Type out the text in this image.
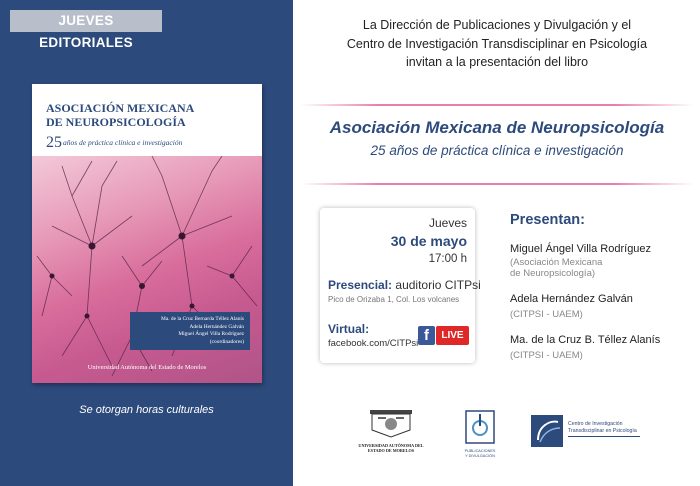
JUEVES EDITORIALES
ASOCIACIÓN MEXICANA
DE NEUROPSICOLOGÍA
25años de práctica clínica e investigación
Ma. de la Cruz Bernarda Téllez Alanís
Adela Hernández Galván
Miguel Ángel Villa Rodríguez
(coordinadores)
Universidad Autónoma del Estado de Morelos
Se otorgan horas culturales
La Dirección de Publicaciones y Divulgación y el
Centro de Investigación Transdisciplinar en Psicología
invitan a la presentación del libro
Asociación Mexicana de Neuropsicología
25 años de práctica clínica e investigación
Jueves
30 de mayo
17:00 h
Presencial: auditorio CITPsi
Pico de Orizaba 1, Col. Los volcanes
Virtual:
facebook.com/CITPsi f	LIVE
Presentan:
Miguel Ángel Villa Rodríguez
(Asociación Mexicana
de Neuropsicología)
Adela Hernández Galván
(CITPSI - UAEM)
Ma. de la Cruz B. Téllez Alanís
(CITPSI - UAEM)
UNIVERSIDAD AUTÓNOMA DEL
ESTADO DE MORELOS	PUBLICACIONES
Y DIVULGACIÓN
Centro de Investigación
Transdisciplinar en Psicología
